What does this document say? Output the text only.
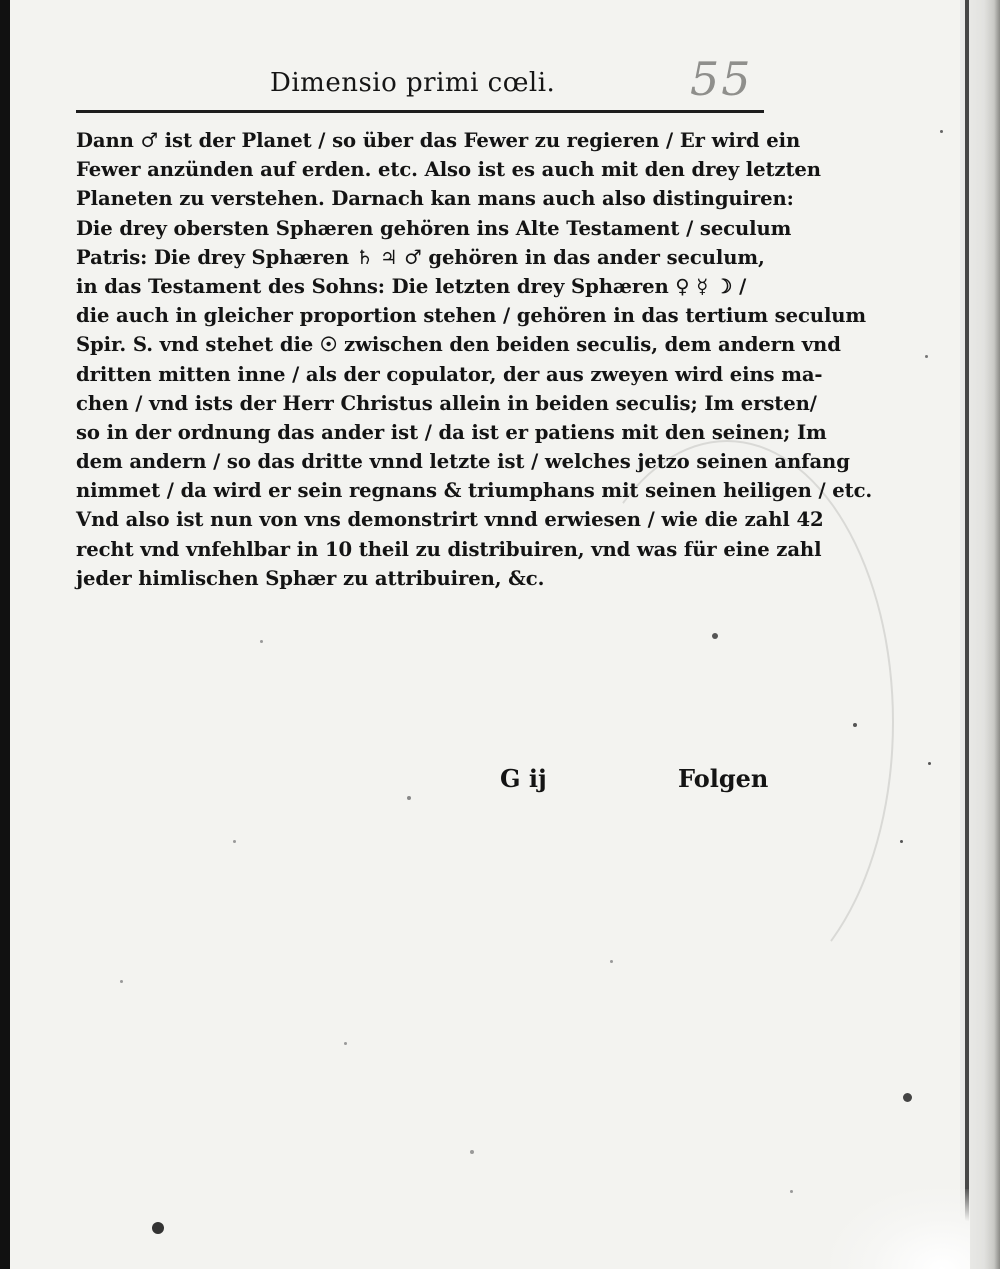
Dimensio primi cœli.	55
Dann ♂ ist der Planet / so über das Fewer zu regieren / Er wird ein
Fewer anzünden auf erden. etc. Also ist es auch mit den drey letzten
Planeten zu verstehen. Darnach kan mans auch also distinguiren:
Die drey obersten Sphæren gehören ins Alte Testament / seculum
Patris: Die drey Sphæren ♄ ♃ ♂ gehören in das ander seculum,
in das Testament des Sohns: Die letzten drey Sphæren ♀ ☿ ☽ /
die auch in gleicher proportion stehen / gehören in das tertium seculum
Spir. S. vnd stehet die ☉ zwischen den beiden seculis, dem andern vnd
dritten mitten inne / als der copulator, der aus zweyen wird eins ma-
chen / vnd ists der Herr Christus allein in beiden seculis; Im ersten/
so in der ordnung das ander ist / da ist er patiens mit den seinen; Im
dem andern / so das dritte vnnd letzte ist / welches jetzo seinen anfang
nimmet / da wird er sein regnans & triumphans mit seinen heiligen / etc.
Vnd also ist nun von vns demonstrirt vnnd erwiesen / wie die zahl 42
recht vnd vnfehlbar in 10 theil zu distribuiren, vnd was für eine zahl
jeder himlischen Sphær zu attribuiren, &c.
G ij	Folgen
